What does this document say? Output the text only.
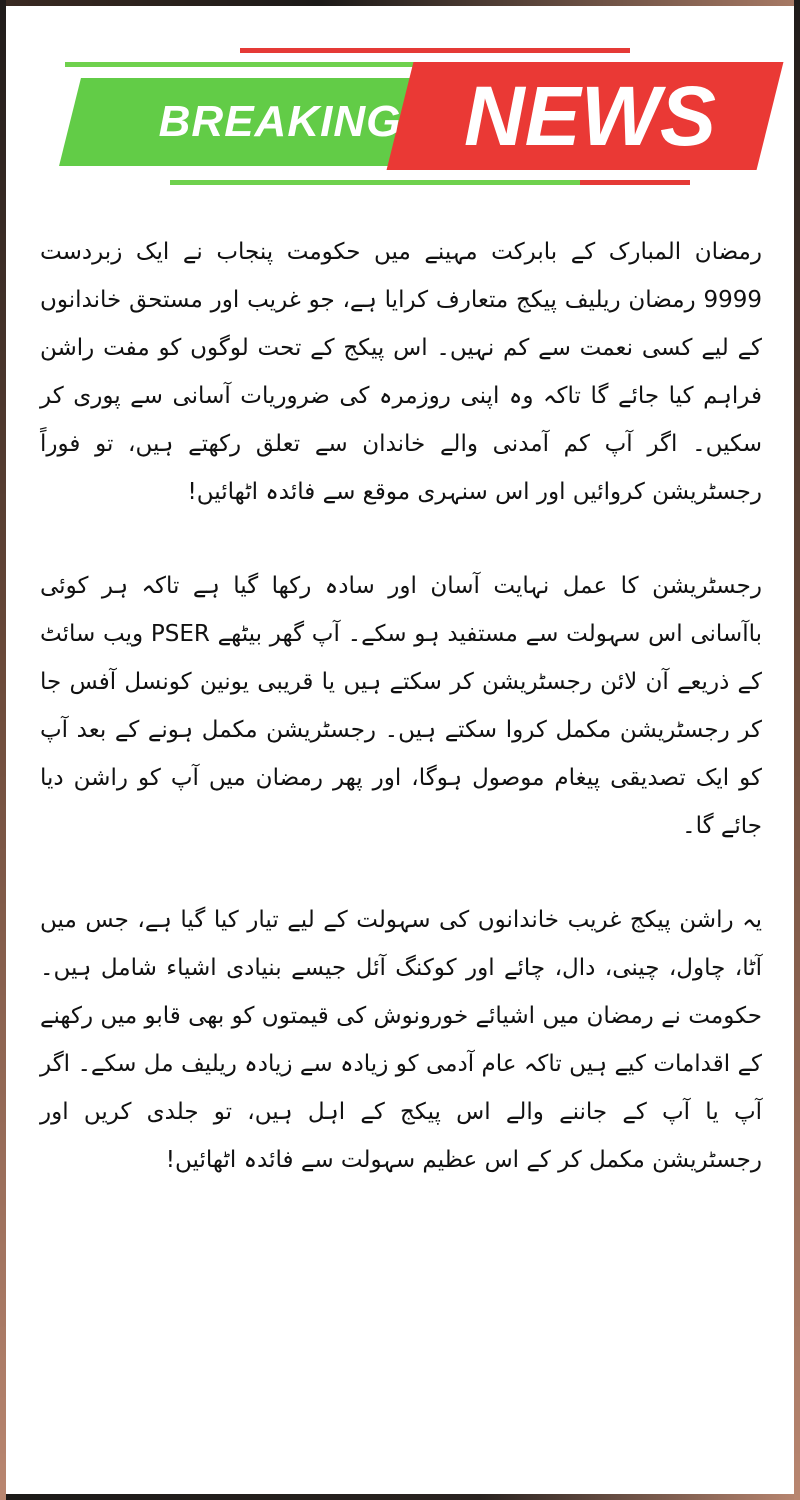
BREAKING NEWS

رمضان المبارک کے بابرکت مہینے میں حکومت پنجاب نے ایک زبردست 9999 رمضان ریلیف پیکج متعارف کرایا ہے، جو غریب اور مستحق خاندانوں کے لیے کسی نعمت سے کم نہیں۔ اس پیکج کے تحت لوگوں کو مفت راشن فراہم کیا جائے گا تاکہ وہ اپنی روزمرہ کی ضروریات آسانی سے پوری کر سکیں۔ اگر آپ کم آمدنی والے خاندان سے تعلق رکھتے ہیں، تو فوراً رجسٹریشن کروائیں اور اس سنہری موقع سے فائدہ اٹھائیں!

رجسٹریشن کا عمل نہایت آسان اور سادہ رکھا گیا ہے تاکہ ہر کوئی باآسانی اس سہولت سے مستفید ہو سکے۔ آپ گھر بیٹھے PSER ویب سائٹ کے ذریعے آن لائن رجسٹریشن کر سکتے ہیں یا قریبی یونین کونسل آفس جا کر رجسٹریشن مکمل کروا سکتے ہیں۔ رجسٹریشن مکمل ہونے کے بعد آپ کو ایک تصدیقی پیغام موصول ہوگا، اور پھر رمضان میں آپ کو راشن دیا جائے گا۔

یہ راشن پیکج غریب خاندانوں کی سہولت کے لیے تیار کیا گیا ہے، جس میں آٹا، چاول، چینی، دال، چائے اور کوکنگ آئل جیسے بنیادی اشیاء شامل ہیں۔ حکومت نے رمضان میں اشیائے خورونوش کی قیمتوں کو بھی قابو میں رکھنے کے اقدامات کیے ہیں تاکہ عام آدمی کو زیادہ سے زیادہ ریلیف مل سکے۔ اگر آپ یا آپ کے جاننے والے اس پیکج کے اہل ہیں، تو جلدی کریں اور رجسٹریشن مکمل کر کے اس عظیم سہولت سے فائدہ اٹھائیں!
